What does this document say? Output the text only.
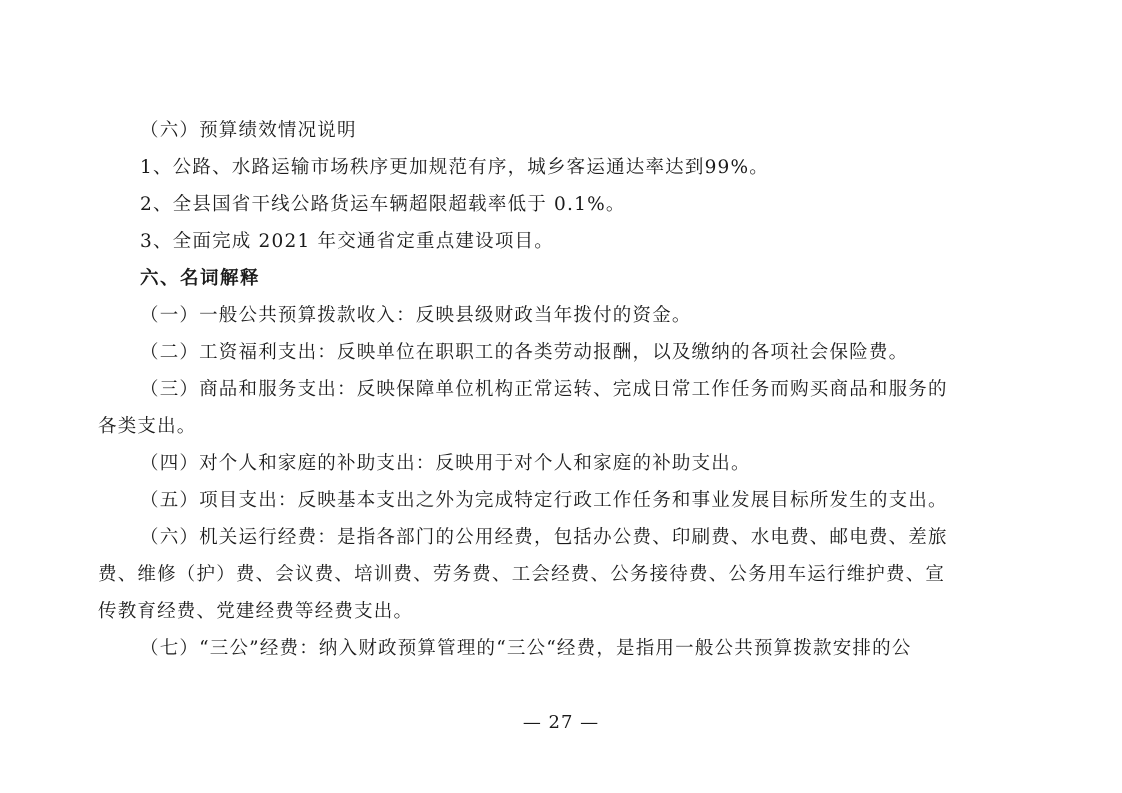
（六）预算绩效情况说明
1、公路、水路运输市场秩序更加规范有序，城乡客运通达率达到99%。
2、全县国省干线公路货运车辆超限超载率低于 0.1%。
3、全面完成 2021 年交通省定重点建设项目。
六、名词解释
（一）一般公共预算拨款收入：反映县级财政当年拨付的资金。
（二）工资福利支出：反映单位在职职工的各类劳动报酬，以及缴纳的各项社会保险费。
（三）商品和服务支出：反映保障单位机构正常运转、完成日常工作任务而购买商品和服务的
各类支出。
（四）对个人和家庭的补助支出：反映用于对个人和家庭的补助支出。
（五）项目支出：反映基本支出之外为完成特定行政工作任务和事业发展目标所发生的支出。
（六）机关运行经费：是指各部门的公用经费，包括办公费、印刷费、水电费、邮电费、差旅
费、维修（护）费、会议费、培训费、劳务费、工会经费、公务接待费、公务用车运行维护费、宣
传教育经费、党建经费等经费支出。
（七）“三公”经费：纳入财政预算管理的“三公“经费，是指用一般公共预算拨款安排的公
— 27 —
